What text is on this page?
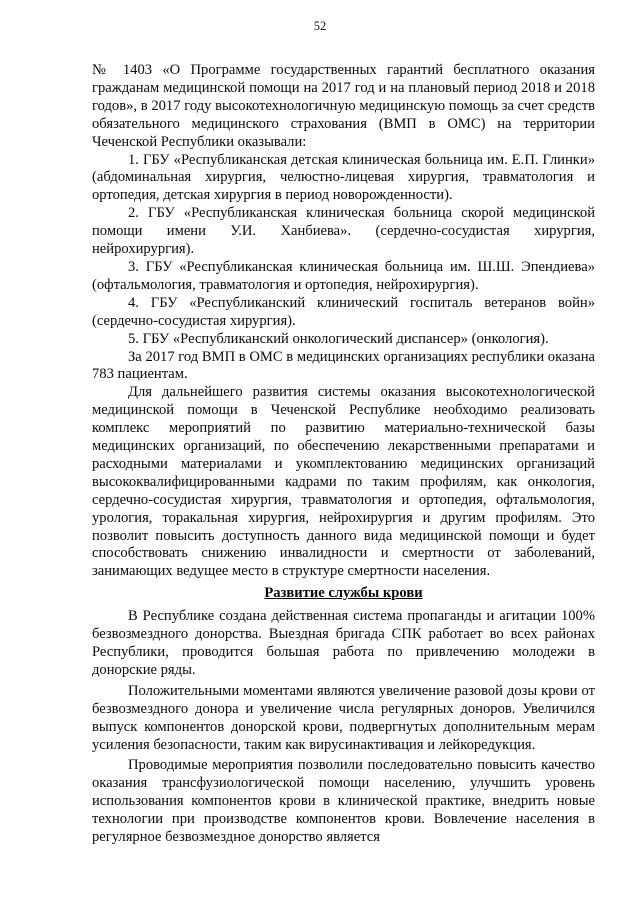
52

№ 1403 «О Программе государственных гарантий бесплатного оказания гражданам медицинской помощи на 2017 год и на плановый период 2018 и 2018 годов», в 2017 году высокотехнологичную медицинскую помощь за счет средств обязательного медицинского страхования (ВМП в ОМС) на территории Чеченской Республики оказывали:

1. ГБУ «Республиканская детская клиническая больница им. Е.П. Глинки» (абдоминальная хирургия, челюстно-лицевая хирургия, травматология и ортопедия, детская хирургия в период новорожденности).

2. ГБУ «Республиканская клиническая больница скорой медицинской помощи имени У.И. Ханбиева». (сердечно-сосудистая хирургия, нейрохирургия).

3. ГБУ «Республиканская клиническая больница им. Ш.Ш. Эпендиева» (офтальмология, травматология и ортопедия, нейрохирургия).

4. ГБУ «Республиканский клинический госпиталь ветеранов войн» (сердечно-сосудистая хирургия).

5. ГБУ «Республиканский онкологический диспансер» (онкология).

За 2017 год ВМП в ОМС в медицинских организациях республики оказана 783 пациентам.

Для дальнейшего развития системы оказания высокотехнологической медицинской помощи в Чеченской Республике необходимо реализовать комплекс мероприятий по развитию материально-технической базы медицинских организаций, по обеспечению лекарственными препаратами и расходными материалами и укомплектованию медицинских организаций высококвалифицированными кадрами по таким профилям, как онкология, сердечно-сосудистая хирургия, травматология и ортопедия, офтальмология, урология, торакальная хирургия, нейрохирургия и другим профилям. Это позволит повысить доступность данного вида медицинской помощи и будет способствовать снижению инвалидности и смертности от заболеваний, занимающих ведущее место в структуре смертности населения.

Развитие службы крови

В Республике создана действенная система пропаганды и агитации 100% безвозмездного донорства. Выездная бригада СПК работает во всех районах Республики, проводится большая работа по привлечению молодежи в донорские ряды.

Положительными моментами являются увеличение разовой дозы крови от безвозмездного донора и увеличение числа регулярных доноров. Увеличился выпуск компонентов донорской крови, подвергнутых дополнительным мерам усиления безопасности, таким как вирусинактивация и лейкоредукция.

Проводимые мероприятия позволили последовательно повысить качество оказания трансфузиологической помощи населению, улучшить уровень использования компонентов крови в клинической практике, внедрить новые технологии при производстве компонентов крови. Вовлечение населения в регулярное безвозмездное донорство является
